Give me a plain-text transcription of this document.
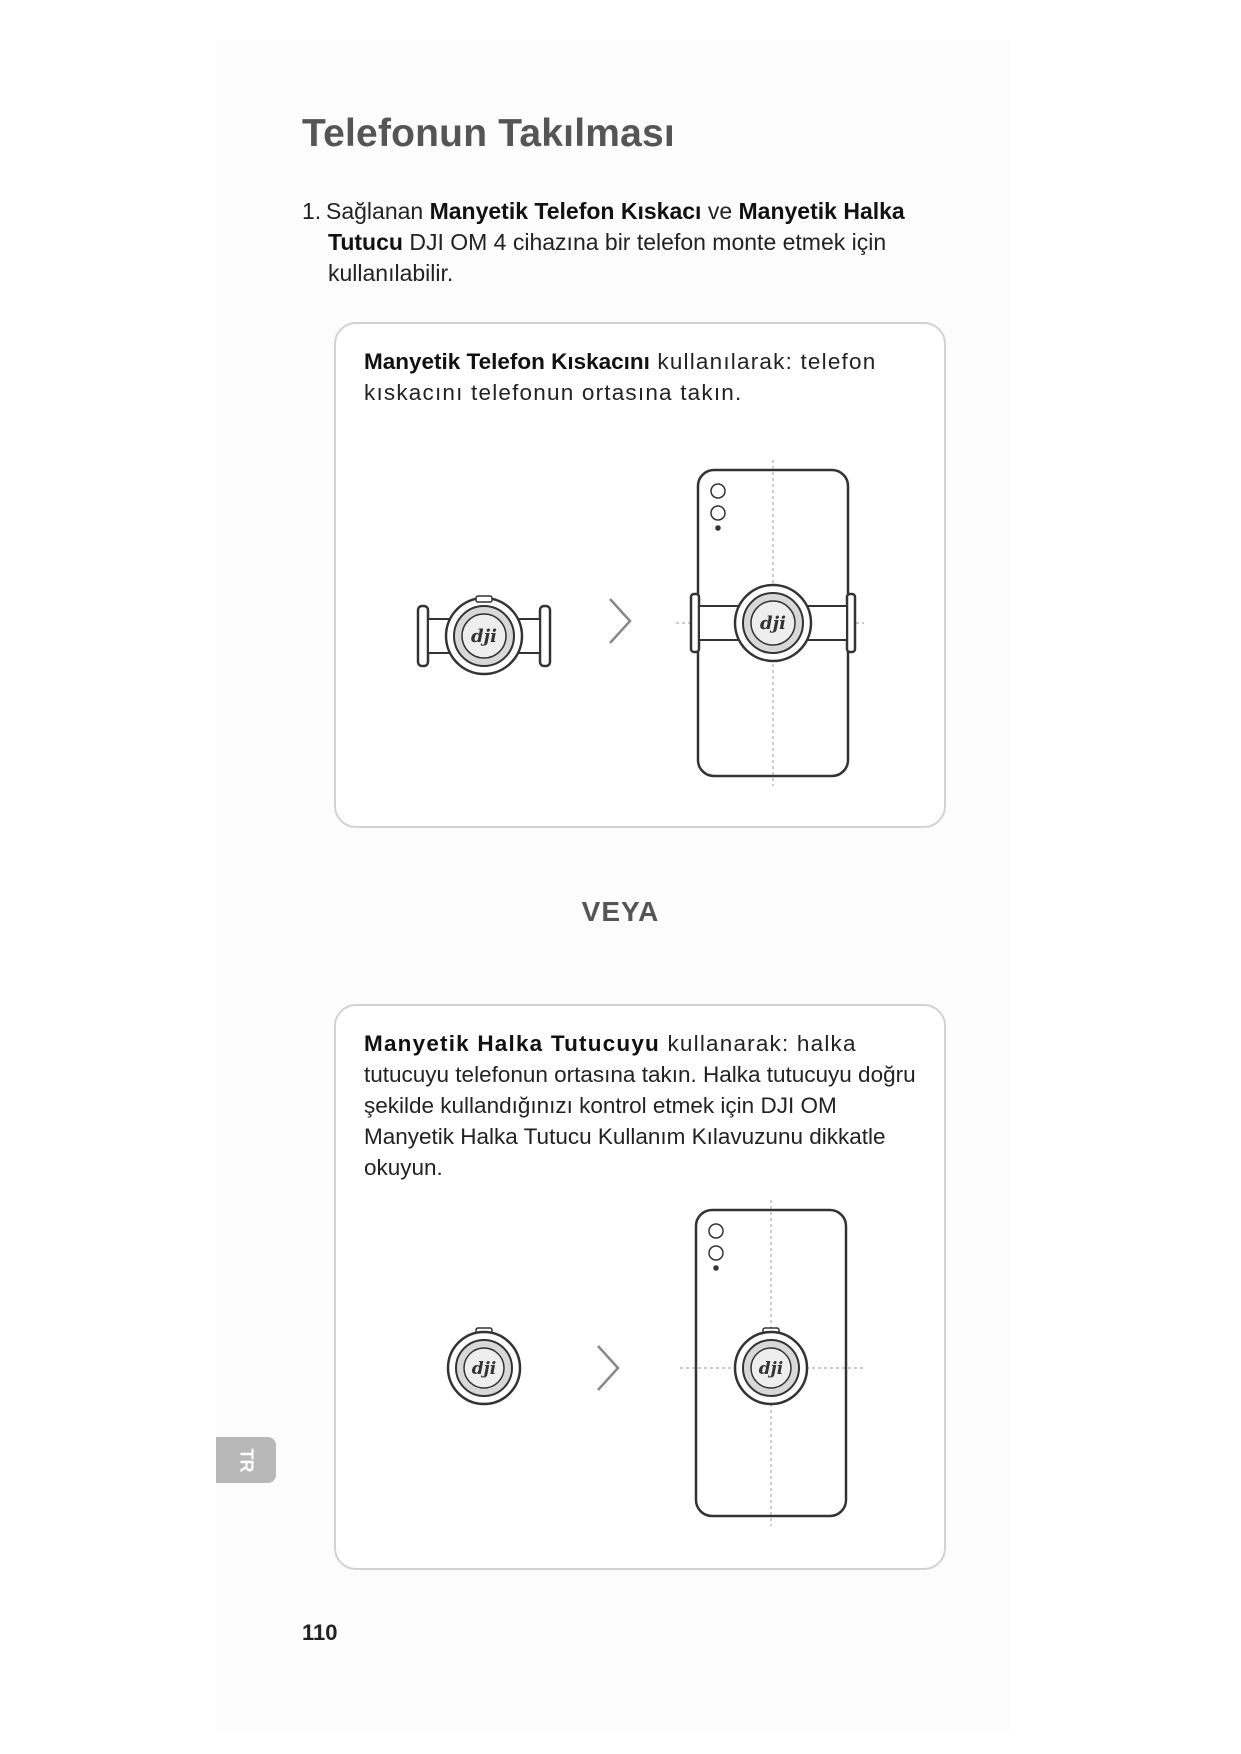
Telefonun Takılması
1. Sağlanan Manyetik Telefon Kıskacı ve Manyetik Halka
Tutucu DJI OM 4 cihazına bir telefon monte etmek için
kullanılabilir.
Manyetik Telefon Kıskacını kullanılarak: telefon kıskacını telefonun ortasına takın.
dji
dji
VEYA
Manyetik Halka Tutucuyu kullanarak: halka tutucuyu telefonun ortasına takın. Halka tutucuyu doğru şekilde kullandığınızı kontrol etmek için DJI OM Manyetik Halka Tutucu Kullanım Kılavuzunu dikkatle okuyun.
dji	dji
TR
110
